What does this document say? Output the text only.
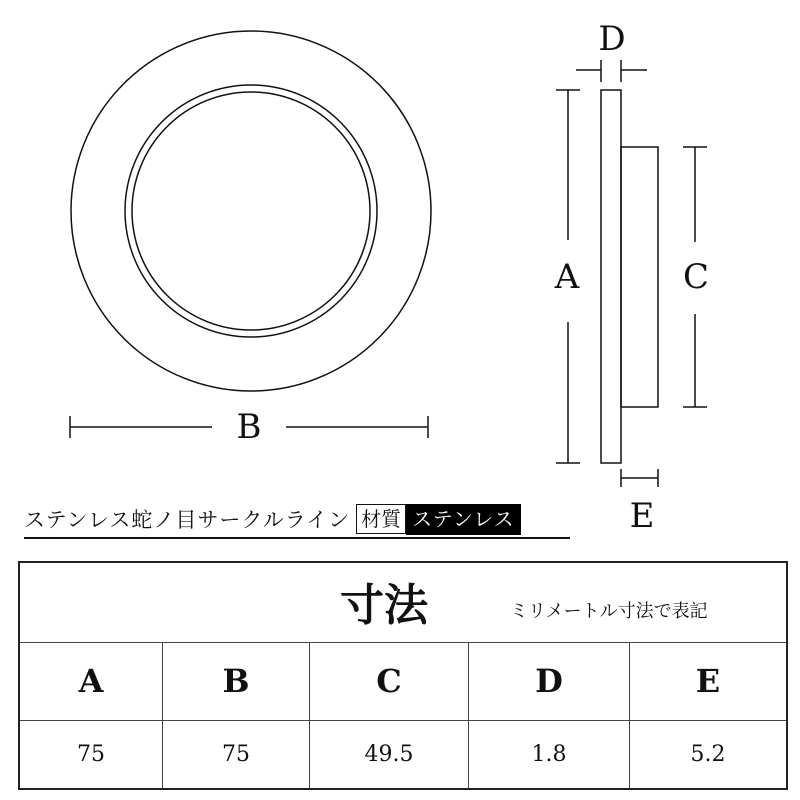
B
A	C
D
E
ステンレス蛇ノ目サークルライン 材質 ステンレス
寸法	ミリメートル寸法で表記
A	B	C	D	E
75	75	49.5	1.8	5.2
